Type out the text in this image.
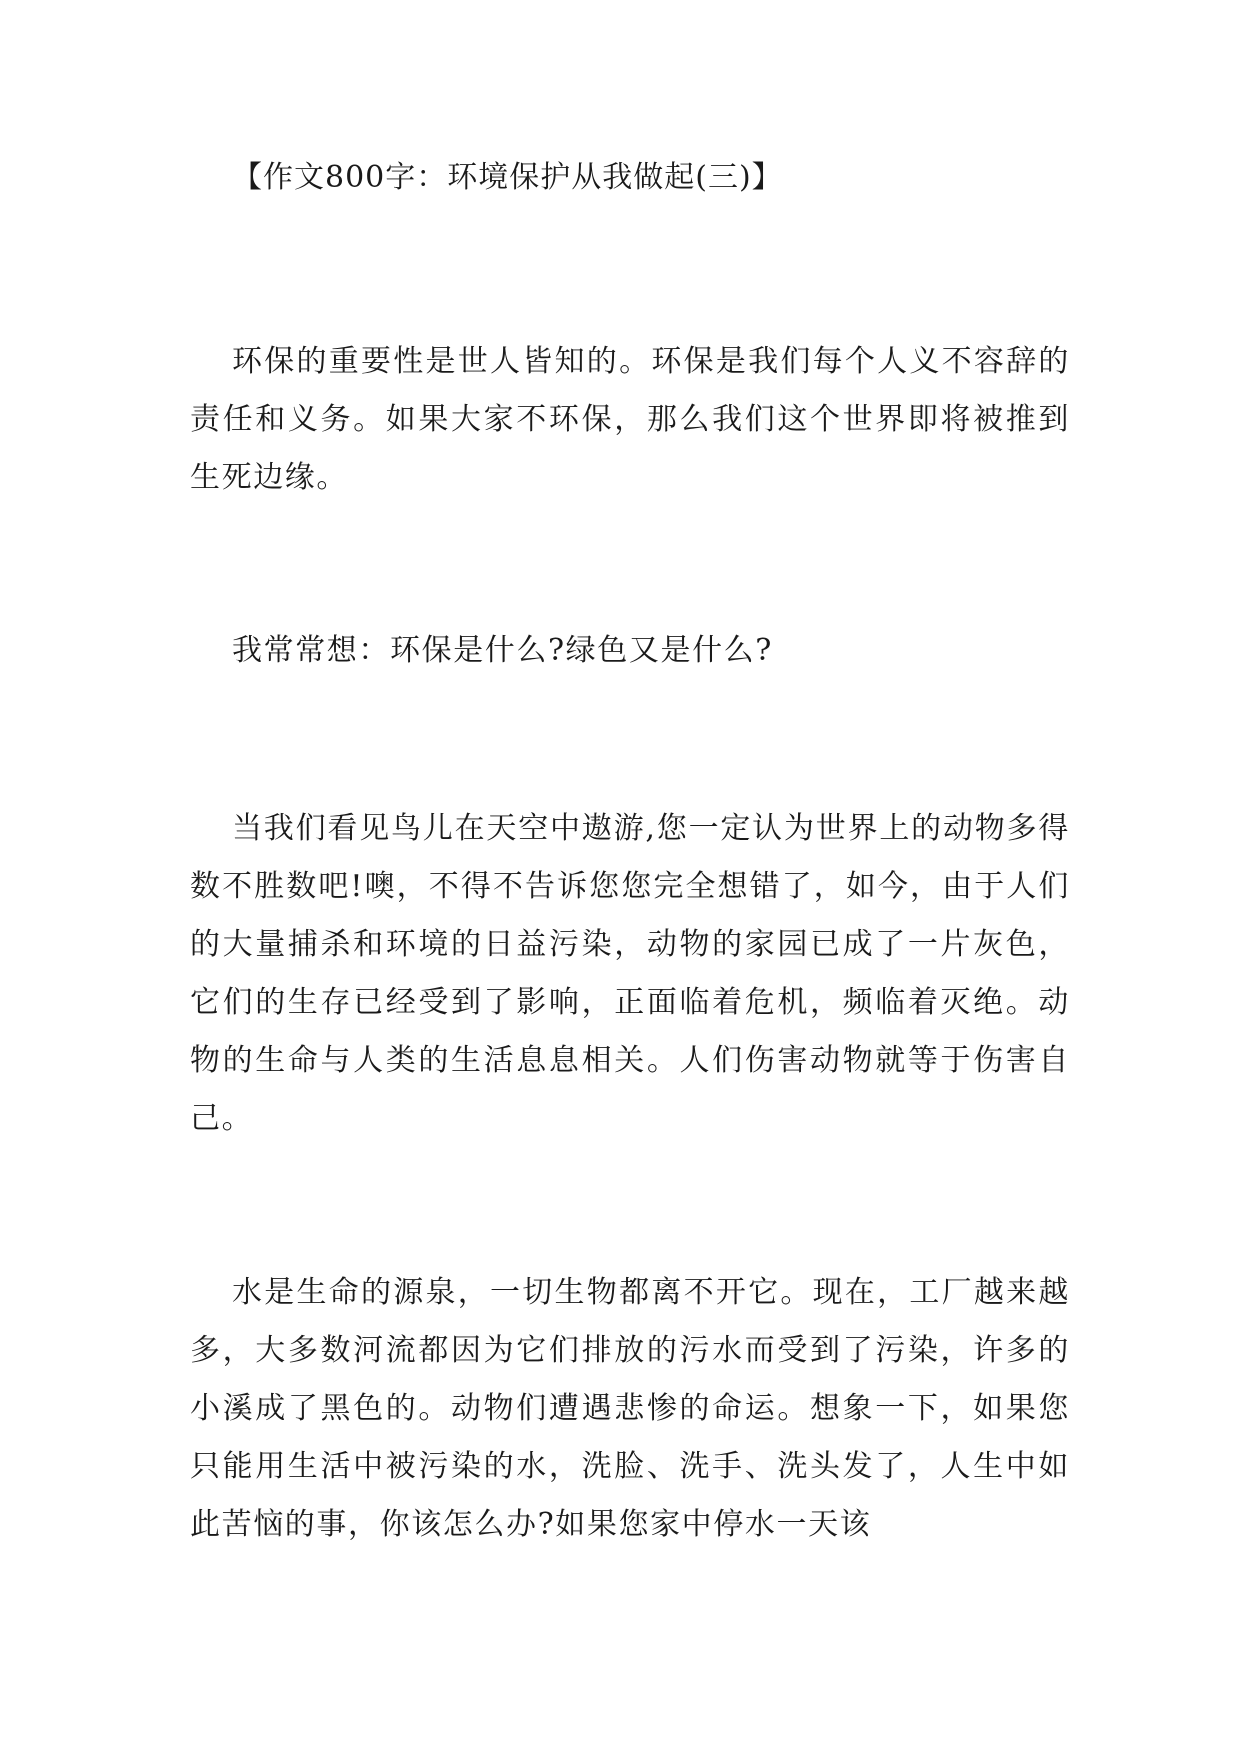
【作文800字：环境保护从我做起(三)】

环保的重要性是世人皆知的。环保是我们每个人义不容辞的责任和义务。如果大家不环保，那么我们这个世界即将被推到生死边缘。

我常常想：环保是什么?绿色又是什么?

当我们看见鸟儿在天空中遨游,您一定认为世界上的动物多得数不胜数吧!噢，不得不告诉您您完全想错了，如今，由于人们的大量捕杀和环境的日益污染，动物的家园已成了一片灰色，它们的生存已经受到了影响，正面临着危机，频临着灭绝。动物的生命与人类的生活息息相关。人们伤害动物就等于伤害自己。

水是生命的源泉，一切生物都离不开它。现在，工厂越来越多，大多数河流都因为它们排放的污水而受到了污染，许多的小溪成了黑色的。动物们遭遇悲惨的命运。想象一下，如果您只能用生活中被污染的水，洗脸、洗手、洗头发了，人生中如此苦恼的事，你该怎么办?如果您家中停水一天该
